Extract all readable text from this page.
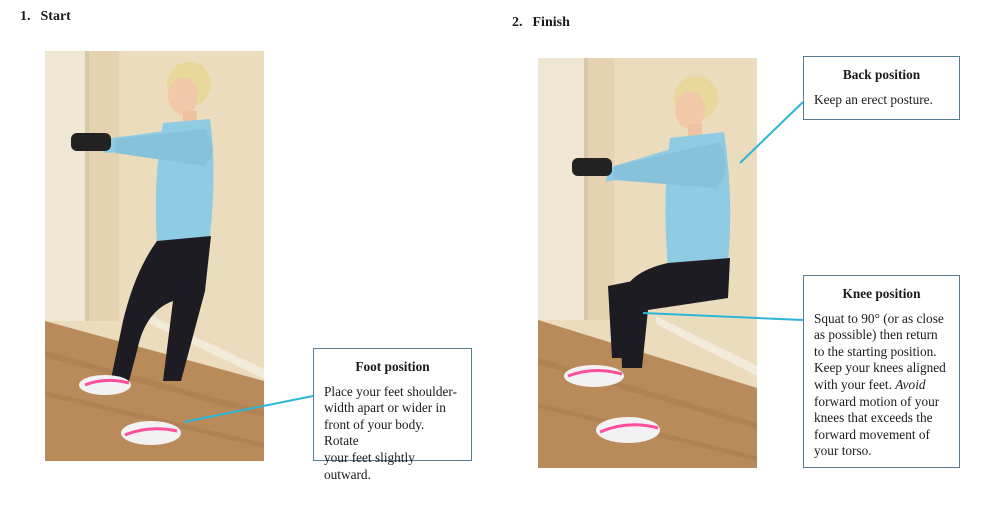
1. Start	2. Finish
Foot position
Place your feet shoulder-
width apart or wider in
front of your body. Rotate
your feet slightly outward.
Back position
Keep an erect posture.
Knee position
Squat to 90° (or as close
as possible) then return
to the starting position.
Keep your knees aligned
with your feet. Avoid
forward motion of your
knees that exceeds the
forward movement of
your torso.
